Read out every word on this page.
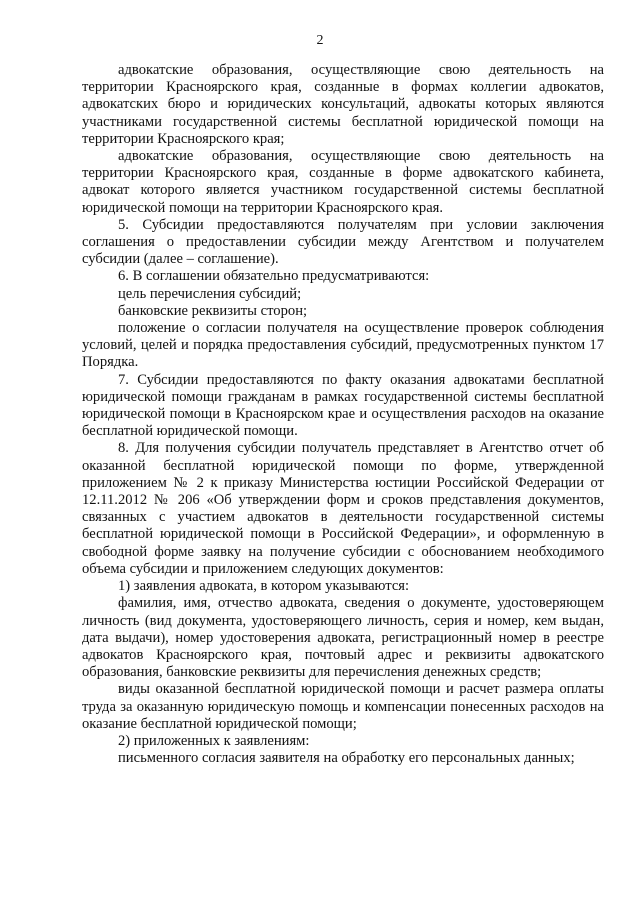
2

адвокатские образования, осуществляющие свою деятельность на территории Красноярского края, созданные в формах коллегии адвокатов, адвокатских бюро и юридических консультаций, адвокаты которых являются участниками государственной системы бесплатной юридической помощи на территории Красноярского края;

адвокатские образования, осуществляющие свою деятельность на территории Красноярского края, созданные в форме адвокатского кабинета, адвокат которого является участником государственной системы бесплатной юридической помощи на территории Красноярского края.

5. Субсидии предоставляются получателям при условии заключения соглашения о предоставлении субсидии между Агентством и получателем субсидии (далее – соглашение).

6. В соглашении обязательно предусматриваются:

цель перечисления субсидий;

банковские реквизиты сторон;

положение о согласии получателя на осуществление проверок соблюдения условий, целей и порядка предоставления субсидий, предусмотренных пунктом 17 Порядка.

7. Субсидии предоставляются по факту оказания адвокатами бесплатной юридической помощи гражданам в рамках государственной системы бесплатной юридической помощи в Красноярском крае и осуществления расходов на оказание бесплатной юридической помощи.

8. Для получения субсидии получатель представляет в Агентство отчет об оказанной бесплатной юридической помощи по форме, утвержденной приложением № 2 к приказу Министерства юстиции Российской Федерации от 12.11.2012 № 206 «Об утверждении форм и сроков представления документов, связанных с участием адвокатов в деятельности государственной системы бесплатной юридической помощи в Российской Федерации», и оформленную в свободной форме заявку на получение субсидии с обоснованием необходимого объема субсидии и приложением следующих документов:

1) заявления адвоката, в котором указываются:

фамилия, имя, отчество адвоката, сведения о документе, удостоверяющем личность (вид документа, удостоверяющего личность, серия и номер, кем выдан, дата выдачи), номер удостоверения адвоката, регистрационный номер в реестре адвокатов Красноярского края, почтовый адрес и реквизиты адвокатского образования, банковские реквизиты для перечисления денежных средств;

виды оказанной бесплатной юридической помощи и расчет размера оплаты труда за оказанную юридическую помощь и компенсации понесенных расходов на оказание бесплатной юридической помощи;

2) приложенных к заявлениям:

письменного согласия заявителя на обработку его персональных данных;
